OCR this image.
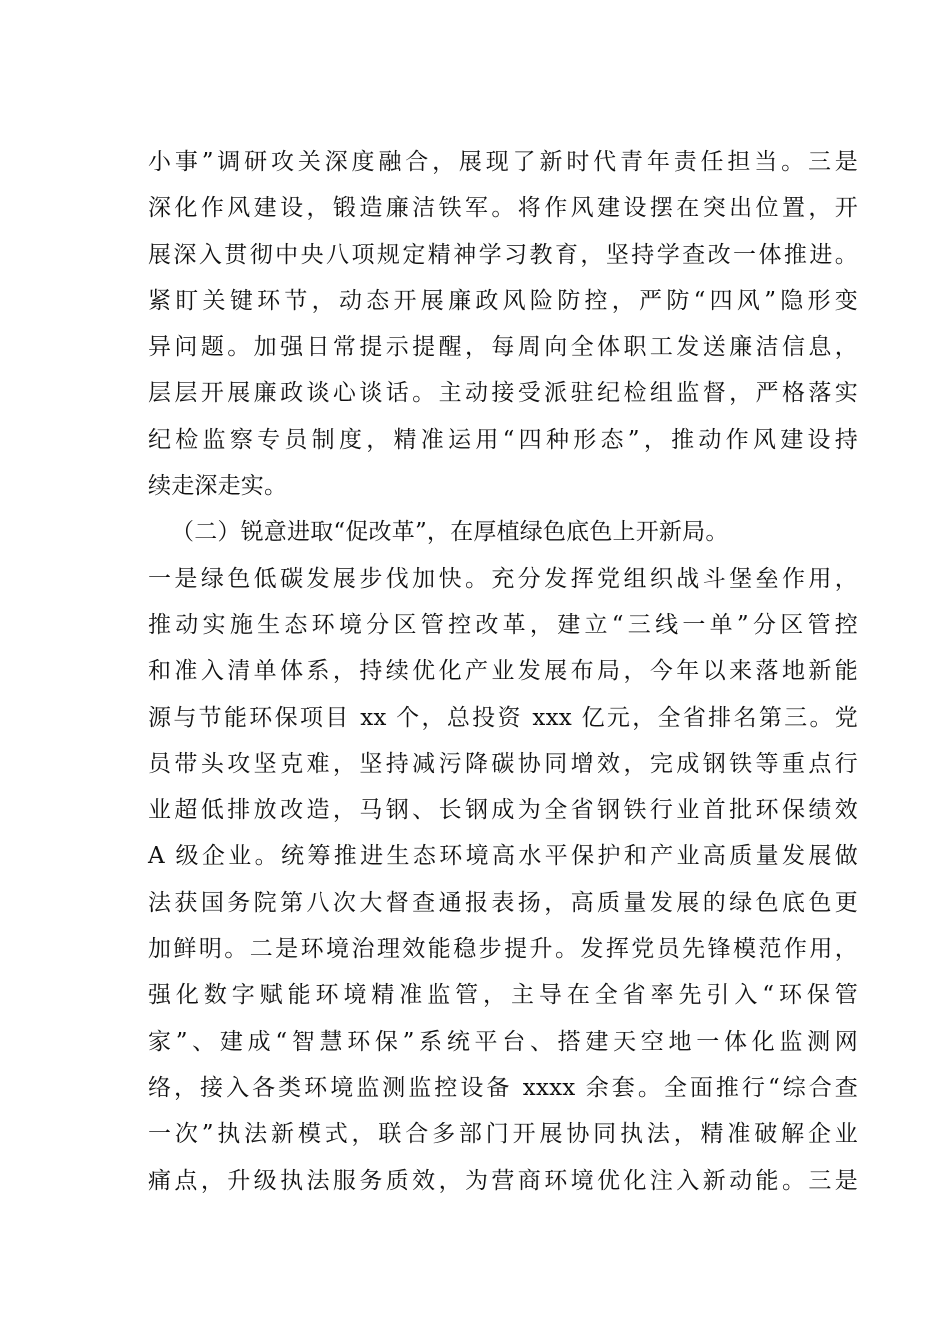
小事”调研攻关深度融合，展现了新时代青年责任担当。三是
深化作风建设，锻造廉洁铁军。将作风建设摆在突出位置，开
展深入贯彻中央八项规定精神学习教育，坚持学查改一体推进。
紧盯关键环节，动态开展廉政风险防控，严防“四风”隐形变
异问题。加强日常提示提醒，每周向全体职工发送廉洁信息，
层层开展廉政谈心谈话。主动接受派驻纪检组监督，严格落实
纪检监察专员制度，精准运用“四种形态”，推动作风建设持
续走深走实。
（二）锐意进取“促改革”，在厚植绿色底色上开新局。
一是绿色低碳发展步伐加快。充分发挥党组织战斗堡垒作用，
推动实施生态环境分区管控改革，建立“三线一单”分区管控
和准入清单体系，持续优化产业发展布局，今年以来落地新能
源与节能环保项目 xx 个，总投资 xxx 亿元，全省排名第三。党
员带头攻坚克难，坚持减污降碳协同增效，完成钢铁等重点行
业超低排放改造，马钢、长钢成为全省钢铁行业首批环保绩效
A 级企业。统筹推进生态环境高水平保护和产业高质量发展做
法获国务院第八次大督查通报表扬，高质量发展的绿色底色更
加鲜明。二是环境治理效能稳步提升。发挥党员先锋模范作用，
强化数字赋能环境精准监管，主导在全省率先引入“环保管
家”、建成“智慧环保”系统平台、搭建天空地一体化监测网
络，接入各类环境监测监控设备 xxxx 余套。全面推行“综合查
一次”执法新模式，联合多部门开展协同执法，精准破解企业
痛点，升级执法服务质效，为营商环境优化注入新动能。三是
